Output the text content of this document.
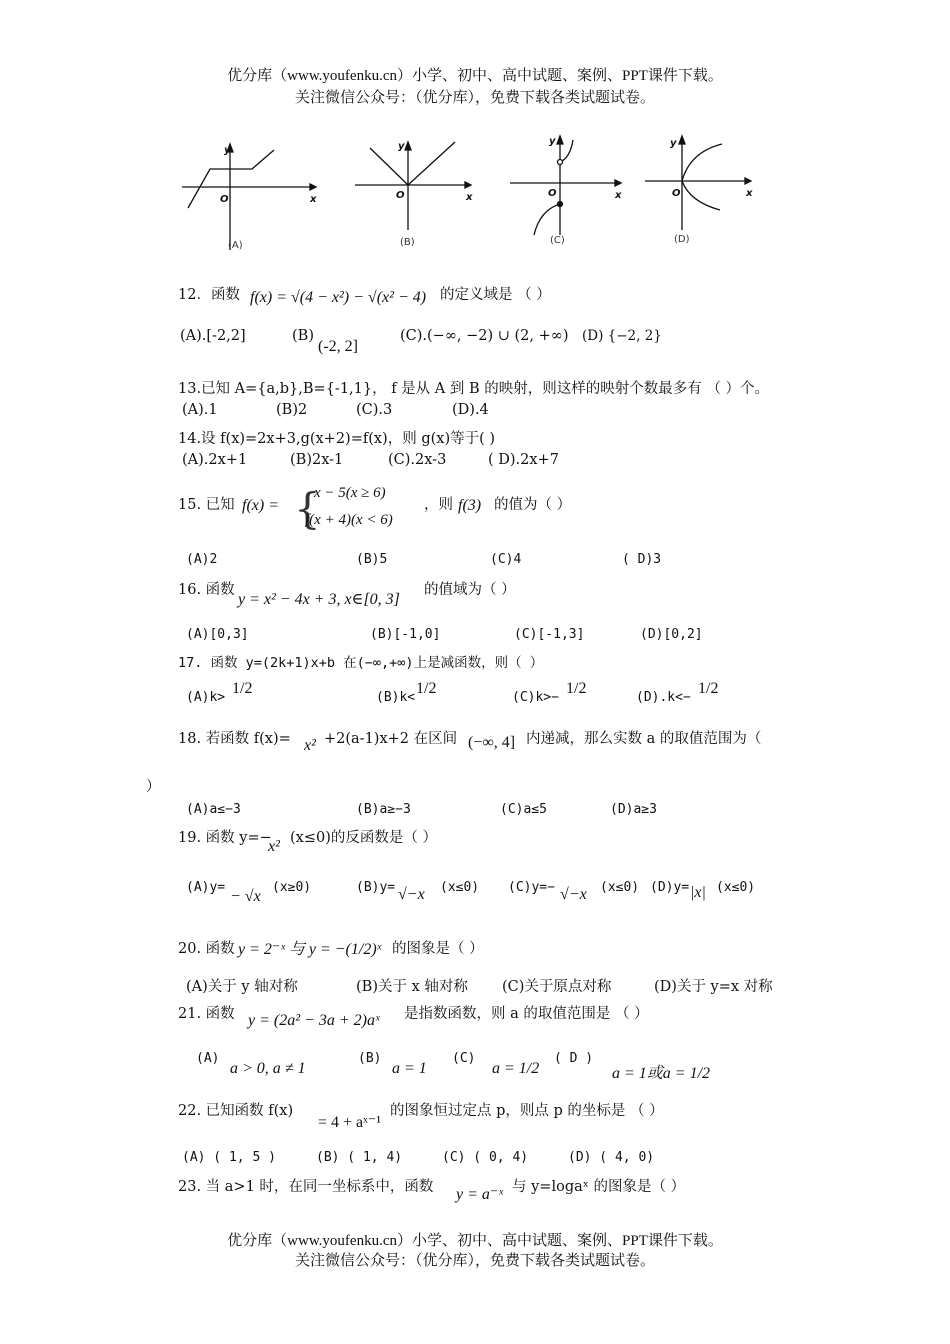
优分库（www.youfenku.cn）小学、初中、高中试题、案例、PPT课件下载。
关注微信公众号：（优分库），免费下载各类试题试卷。
y
x
O
y
x
O
y
x
O
y
x
O
(A)	(B)	(C)	(D)
12．函数 f(x) = √(4 − x²) − √(x² − 4) 的定义域是 （ ）
(A).[-2,2]	(B)
(-2, 2]
(C).(−∞, −2) ∪ (2, +∞) (D) {−2, 2}
13.已知 A={a,b},B={-1,1}， f 是从 A 到 B 的映射，则这样的映射个数最多有 （ ）个。
(A).1	(B)2	(C).3	(D).4
14.设 f(x)=2x+3,g(x+2)=f(x)，则 g(x)等于( )
(A).2x+1	(B)2x-1	(C).2x-3	( D).2x+7
15. 已知 f(x) = {
x − 5(x ≥ 6)
f(x + 4)(x < 6)
，则 f(3) 的值为（ ）
(A)2	(B)5	(C)4	( D)3
16. 函数
y = x² − 4x + 3, x∈[0, 3]
的值域为（ ）
(A)[0,3]	(B)[-1,0]	(C)[-1,3]	(D)[0,2]
17. 函数 y=(2k+1)x+b 在(−∞,+∞)上是减函数，则（ ）
(A)k>
1/2
(B)k<
1/2
(C)k>−
1/2
(D).k<−
1/2
18. 若函数 f(x)= x² +2(a-1)x+2 在区间 (−∞, 4] 内递减，那么实数 a 的取值范围为（
）
(A)a≤−3	(B)a≥−3	(C)a≤5	(D)a≥3
19. 函数 y=−
x² (x≤0)的反函数是（ ）
(A)y=
− √x
(x≥0)	(B)y= √−x (x≤0) (C)y=− √−x (x≤0) (D)y= |x| (x≤0)
20. 函数 y = 2⁻ˣ 与 y = −(1/2)ˣ 的图象是（ ）
(A)关于 y 轴对称	(B)关于 x 轴对称 (C)关于原点对称	(D)关于 y=x 对称
21. 函数 y = (2a² − 3a + 2)aˣ 是指数函数，则 a 的取值范围是 （ ）
(A)
a > 0, a ≠ 1
(B)
a = 1
(C)
a = 1/2
( D )
a = 1或a = 1/2
22. 已知函数 f(x)
= 4 + aˣ⁻¹
的图象恒过定点 p，则点 p 的坐标是 （ ）
(A) ( 1, 5 )	(B) ( 1, 4)	(C) ( 0, 4)	(D) ( 4, 0)
23. 当 a>1 时，在同一坐标系中，函数 y = a⁻ˣ 与 y=logaˣ 的图象是（ ）
优分库（www.youfenku.cn）小学、初中、高中试题、案例、PPT课件下载。
关注微信公众号：（优分库），免费下载各类试题试卷。
